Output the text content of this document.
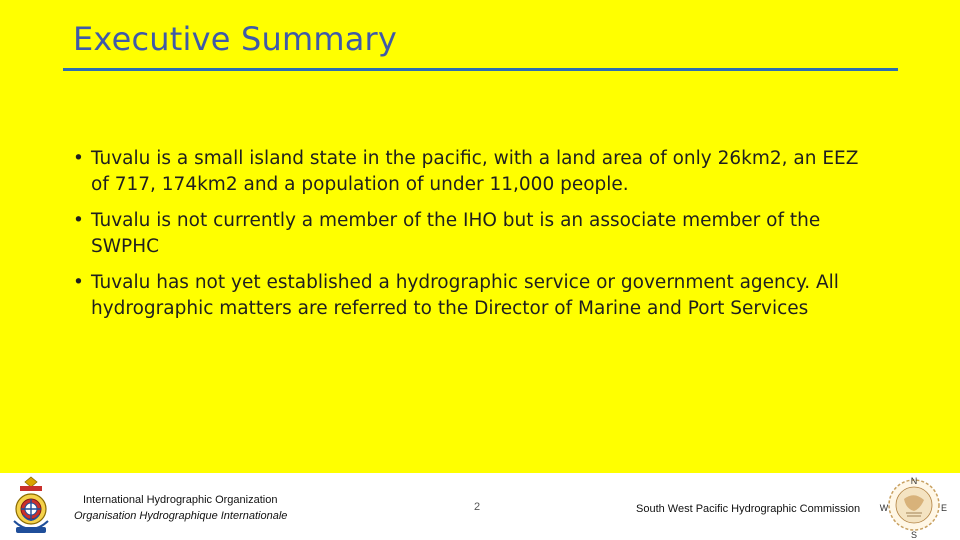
Executive Summary
• Tuvalu is a small island state in the pacific, with a land area of only 26km2, an EEZ of 717, 174km2 and a population of under 11,000 people.
• Tuvalu is not currently a member of the IHO but is an associate member of the SWPHC
• Tuvalu has not yet established a hydrographic service or government agency. All hydrographic matters are referred to the Director of Marine and Port Services
International Hydrographic Organization
Organisation Hydrographique Internationale
2	South West Pacific Hydrographic Commission
N
E
W
S
